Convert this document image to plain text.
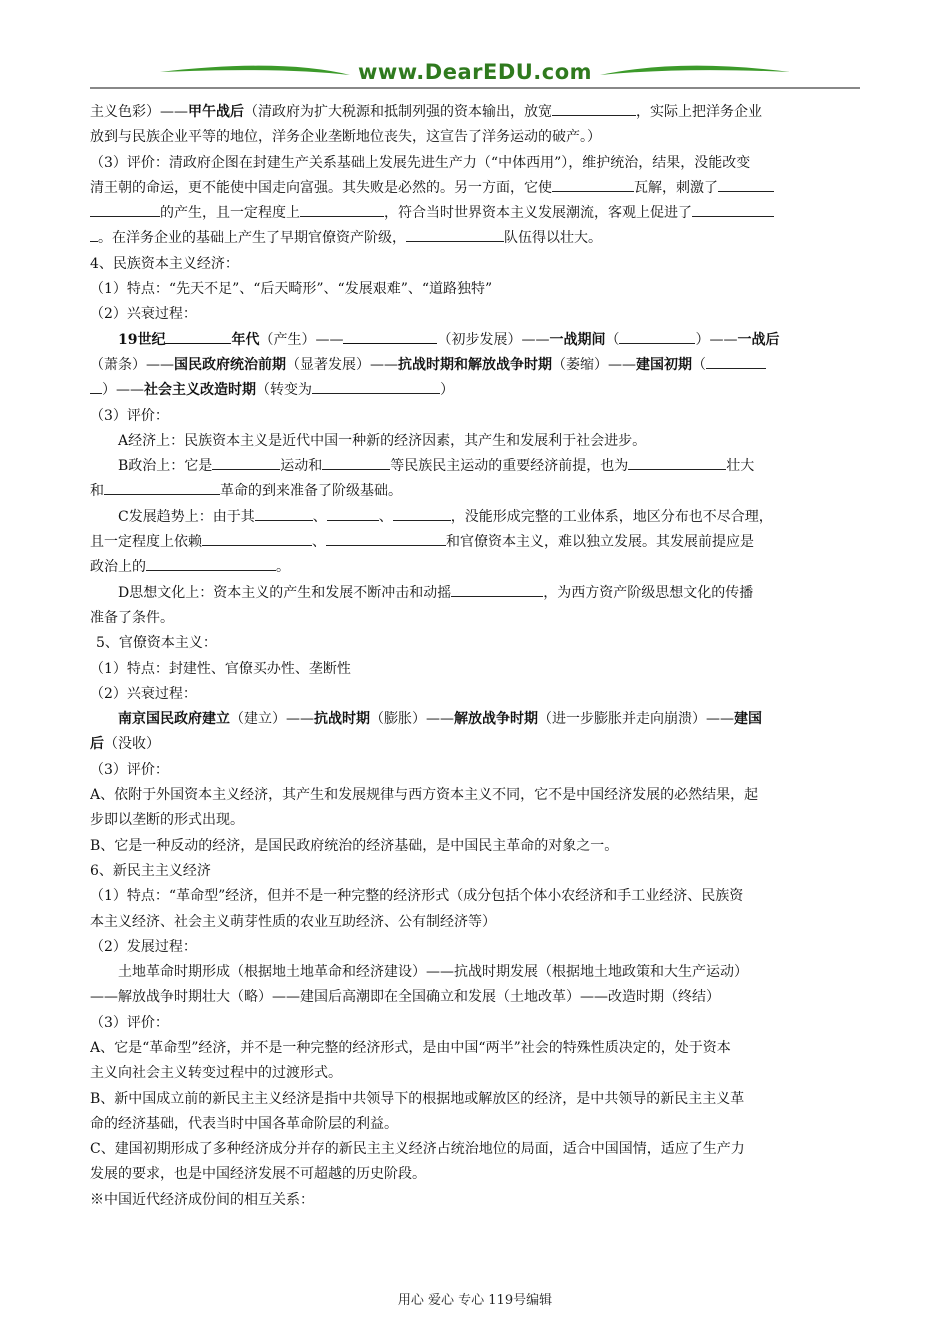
www.DearEDU.com
主义色彩）——甲午战后（清政府为扩大税源和抵制列强的资本输出，放宽	，实际上把洋务企业
放到与民族企业平等的地位，洋务企业垄断地位丧失，这宣告了洋务运动的破产。）
（3）评价：清政府企图在封建生产关系基础上发展先进生产力（“中体西用”），维护统治，结果，没能改变
清王朝的命运，更不能使中国走向富强。其失败是必然的。另一方面，它使	瓦解，刺激了
的产生，且一定程度上	，符合当时世界资本主义发展潮流，客观上促进了
。在洋务企业的基础上产生了早期官僚资产阶级，	队伍得以壮大。
4、民族资本主义经济：
（1）特点：“先天不足”、“后天畸形”、“发展艰难”、“道路独特”
（2）兴衰过程：
19世纪	年代（产生）——	（初步发展）——一战期间（	）——一战后
（萧条）——国民政府统治前期（显著发展）——抗战时期和解放战争时期（萎缩）——建国初期（
）——社会主义改造时期（转变为	）
（3）评价：
A经济上：民族资本主义是近代中国一种新的经济因素，其产生和发展利于社会进步。
B政治上：它是	运动和	等民族民主运动的重要经济前提，也为	壮大
和	革命的到来准备了阶级基础。
C发展趋势上：由于其	、	、	，没能形成完整的工业体系，地区分布也不尽合理，
且一定程度上依赖	、	和官僚资本主义，难以独立发展。其发展前提应是
政治上的	。
D思想文化上：资本主义的产生和发展不断冲击和动摇	，为西方资产阶级思想文化的传播
准备了条件。
5、官僚资本主义：
（1）特点：封建性、官僚买办性、垄断性
（2）兴衰过程：
南京国民政府建立（建立）——抗战时期（膨胀）——解放战争时期（进一步膨胀并走向崩溃）——建国
后（没收）
（3）评价：
A、依附于外国资本主义经济，其产生和发展规律与西方资本主义不同，它不是中国经济发展的必然结果，起
步即以垄断的形式出现。
B、它是一种反动的经济，是国民政府统治的经济基础，是中国民主革命的对象之一。
6、新民主主义经济
（1）特点：“革命型”经济，但并不是一种完整的经济形式（成分包括个体小农经济和手工业经济、民族资
本主义经济、社会主义萌芽性质的农业互助经济、公有制经济等）
（2）发展过程：
土地革命时期形成（根据地土地革命和经济建设）——抗战时期发展（根据地土地政策和大生产运动）
——解放战争时期壮大（略）——建国后高潮即在全国确立和发展（土地改革）——改造时期（终结）
（3）评价：
A、它是“革命型”经济，并不是一种完整的经济形式，是由中国“两半”社会的特殊性质决定的，处于资本
主义向社会主义转变过程中的过渡形式。
B、新中国成立前的新民主主义经济是指中共领导下的根据地或解放区的经济，是中共领导的新民主主义革
命的经济基础，代表当时中国各革命阶层的利益。
C、建国初期形成了多种经济成分并存的新民主主义经济占统治地位的局面，适合中国国情，适应了生产力
发展的要求，也是中国经济发展不可超越的历史阶段。
※中国近代经济成份间的相互关系：
用心 爱心 专心 119号编辑
